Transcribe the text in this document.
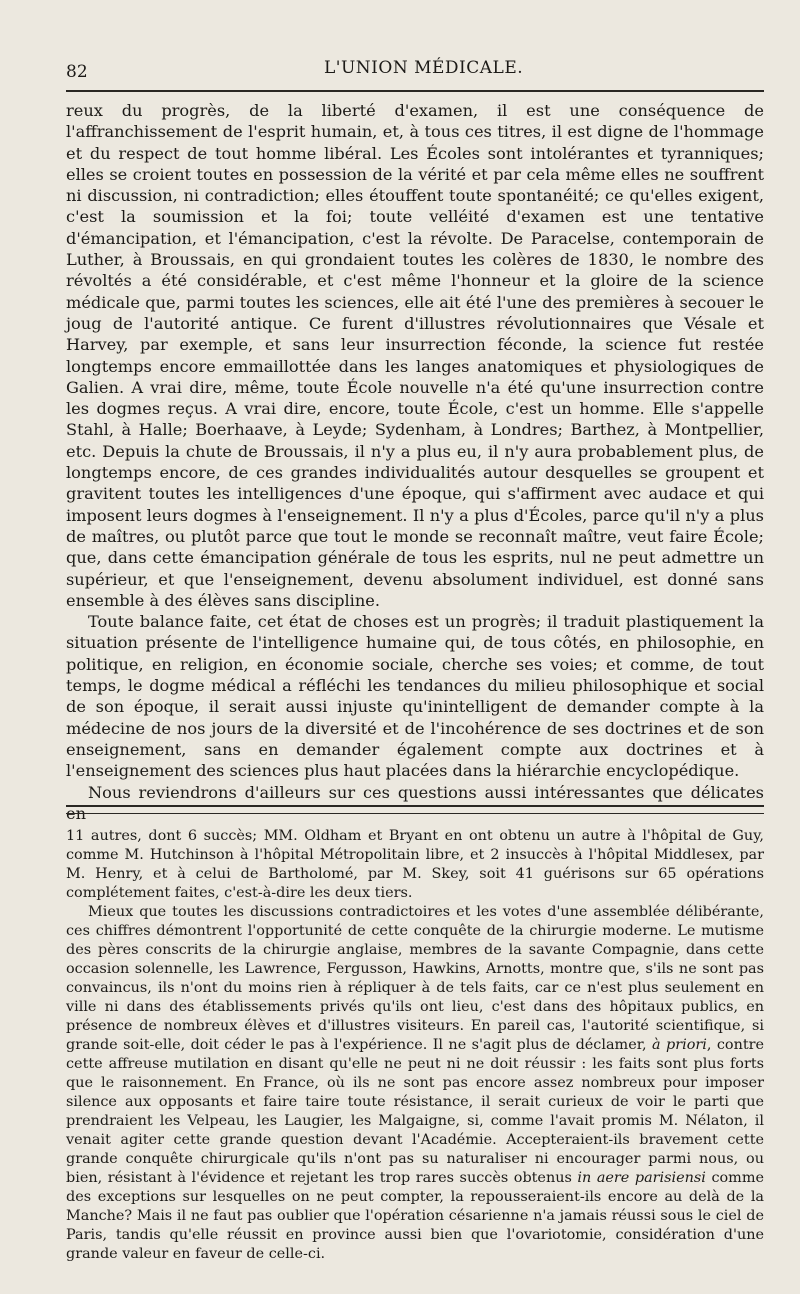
82	L'UNION MÉDICALE.

reux du progrès, de la liberté d'examen, il est une conséquence de l'affranchissement de l'esprit humain, et, à tous ces titres, il est digne de l'hommage et du respect de tout homme libéral. Les Écoles sont intolérantes et tyranniques; elles se croient toutes en possession de la vérité et par cela même elles ne souffrent ni discussion, ni contradiction; elles étouffent toute spontanéité; ce qu'elles exigent, c'est la soumission et la foi; toute velléité d'examen est une tentative d'émancipation, et l'émancipation, c'est la révolte. De Paracelse, contemporain de Luther, à Broussais, en qui grondaient toutes les colères de 1830, le nombre des révoltés a été considérable, et c'est même l'honneur et la gloire de la science médicale que, parmi toutes les sciences, elle ait été l'une des premières à secouer le joug de l'autorité antique. Ce furent d'illustres révolutionnaires que Vésale et Harvey, par exemple, et sans leur insurrection féconde, la science fut restée longtemps encore emmaillottée dans les langes anatomiques et physiologiques de Galien. A vrai dire, même, toute École nouvelle n'a été qu'une insurrection contre les dogmes reçus. A vrai dire, encore, toute École, c'est un homme. Elle s'appelle Stahl, à Halle; Boerhaave, à Leyde; Sydenham, à Londres; Barthez, à Montpellier, etc. Depuis la chute de Broussais, il n'y a plus eu, il n'y aura probablement plus, de longtemps encore, de ces grandes individualités autour desquelles se groupent et gravitent toutes les intelligences d'une époque, qui s'affirment avec audace et qui imposent leurs dogmes à l'enseignement. Il n'y a plus d'Écoles, parce qu'il n'y a plus de maîtres, ou plutôt parce que tout le monde se reconnaît maître, veut faire École; que, dans cette émancipation générale de tous les esprits, nul ne peut admettre un supérieur, et que l'enseignement, devenu absolument individuel, est donné sans ensemble à des élèves sans discipline.

Toute balance faite, cet état de choses est un progrès; il traduit plastiquement la situation présente de l'intelligence humaine qui, de tous côtés, en philosophie, en politique, en religion, en économie sociale, cherche ses voies; et comme, de tout temps, le dogme médical a réfléchi les tendances du milieu philosophique et social de son époque, il serait aussi injuste qu'inintelligent de demander compte à la médecine de nos jours de la diversité et de l'incohérence de ses doctrines et de son enseignement, sans en demander également compte aux doctrines et à l'enseignement des sciences plus haut placées dans la hiérarchie encyclopédique.

Nous reviendrons d'ailleurs sur ces questions aussi intéressantes que délicates en

11 autres, dont 6 succès; MM. Oldham et Bryant en ont obtenu un autre à l'hôpital de Guy, comme M. Hutchinson à l'hôpital Métropolitain libre, et 2 insuccès à l'hôpital Middlesex, par M. Henry, et à celui de Bartholomé, par M. Skey, soit 41 guérisons sur 65 opérations complétement faites, c'est-à-dire les deux tiers.

Mieux que toutes les discussions contradictoires et les votes d'une assemblée délibérante, ces chiffres démontrent l'opportunité de cette conquête de la chirurgie moderne. Le mutisme des pères conscrits de la chirurgie anglaise, membres de la savante Compagnie, dans cette occasion solennelle, les Lawrence, Fergusson, Hawkins, Arnotts, montre que, s'ils ne sont pas convaincus, ils n'ont du moins rien à répliquer à de tels faits, car ce n'est plus seulement en ville ni dans des établissements privés qu'ils ont lieu, c'est dans des hôpitaux publics, en présence de nombreux élèves et d'illustres visiteurs. En pareil cas, l'autorité scientifique, si grande soit-elle, doit céder le pas à l'expérience. Il ne s'agit plus de déclamer, à priori, contre cette affreuse mutilation en disant qu'elle ne peut ni ne doit réussir : les faits sont plus forts que le raisonnement. En France, où ils ne sont pas encore assez nombreux pour imposer silence aux opposants et faire taire toute résistance, il serait curieux de voir le parti que prendraient les Velpeau, les Laugier, les Malgaigne, si, comme l'avait promis M. Nélaton, il venait agiter cette grande question devant l'Académie. Accepteraient-ils bravement cette grande conquête chirurgicale qu'ils n'ont pas su naturaliser ni encourager parmi nous, ou bien, résistant à l'évidence et rejetant les trop rares succès obtenus in aere parisiensi comme des exceptions sur lesquelles on ne peut compter, la repousseraient-ils encore au delà de la Manche? Mais il ne faut pas oublier que l'opération césarienne n'a jamais réussi sous le ciel de Paris, tandis qu'elle réussit en province aussi bien que l'ovariotomie, considération d'une grande valeur en faveur de celle-ci.
